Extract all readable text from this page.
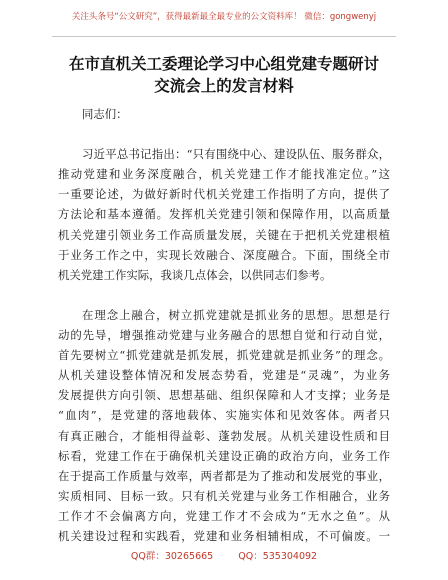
关注头条号“公文研究”，获得最新最全最专业的公文资料库！ 微信：gongwenyj
在市直机关工委理论学习中心组党建专题研讨
交流会上的发言材料
同志们：
习近平总书记指出：“只有围绕中心、建设队伍、服务群众，
推动党建和业务深度融合，机关党建工作才能找准定位。”这
一重要论述，为做好新时代机关党建工作指明了方向，提供了
方法论和基本遵循。发挥机关党建引领和保障作用，以高质量
机关党建引领业务工作高质量发展，关键在于把机关党建根植
于业务工作之中，实现长效融合、深度融合。下面，围绕全市
机关党建工作实际，我谈几点体会，以供同志们参考。
在理念上融合，树立抓党建就是抓业务的思想。思想是行
动的先导，增强推动党建与业务融合的思想自觉和行动自觉，
首先要树立“抓党建就是抓发展，抓党建就是抓业务”的理念。
从机关建设整体情况和发展态势看，党建是“灵魂”，为业务
发展提供方向引领、思想基础、组织保障和人才支撑；业务是
“血肉”，是党建的落地载体、实施实体和见效客体。两者只
有真正融合，才能相得益彰、蓬勃发展。从机关建设性质和目
标看，党建工作在于确保机关建设正确的政治方向，业务工作
在于提高工作质量与效率，两者都是为了推动和发展党的事业，
实质相同、目标一致。只有机关党建与业务工作相融合，业务
工作才不会偏离方向，党建工作才不会成为“无水之鱼”。从
机关建设过程和实践看，党建和业务相辅相成，不可偏废。一
QQ群：30265665	QQ：535304092
